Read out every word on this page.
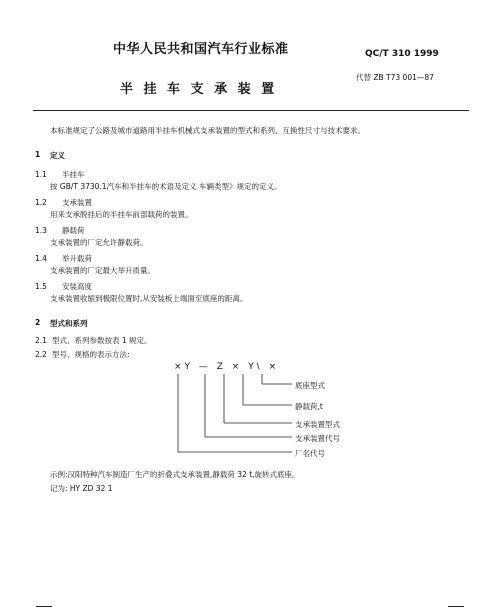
中华人民共和国汽车行业标准	QC/T 310 1999
半 挂 车 支 承 装 置
代替 ZB T73 001—87
本标准规定了公路及城市道路用半挂车机械式支承装置的型式和系列、互换性尺寸与技术要求。
1 定义
1.1 半挂车
按 GB/T 3730.1汽车和半挂车的术语及定义 车辆类型》规定的定义。
1.2 支承装置
用来支承脱挂后的半挂车前部载荷的装置。
1.3 静载荷
支承装置的厂定允许静载荷。
1.4 举升载荷
支承装置的厂定最大举升质量。
1.5 安装高度
支承装置收缩到极限位置时,从安装板上端面至底座的距离。
2 型式和系列
2.1 型式、系列参数按表 1 规定。
2.2 型号、规格的表示方法:
×Y — Z × Y\ ×
底座型式
静载荷,t
支承装置型式
支承装置代号
厂名代号
示例:汉阳特种汽车制造厂生产的折叠式支承装置,静载荷 32 t,旋转式底座。
记为: HY ZD 32 1
